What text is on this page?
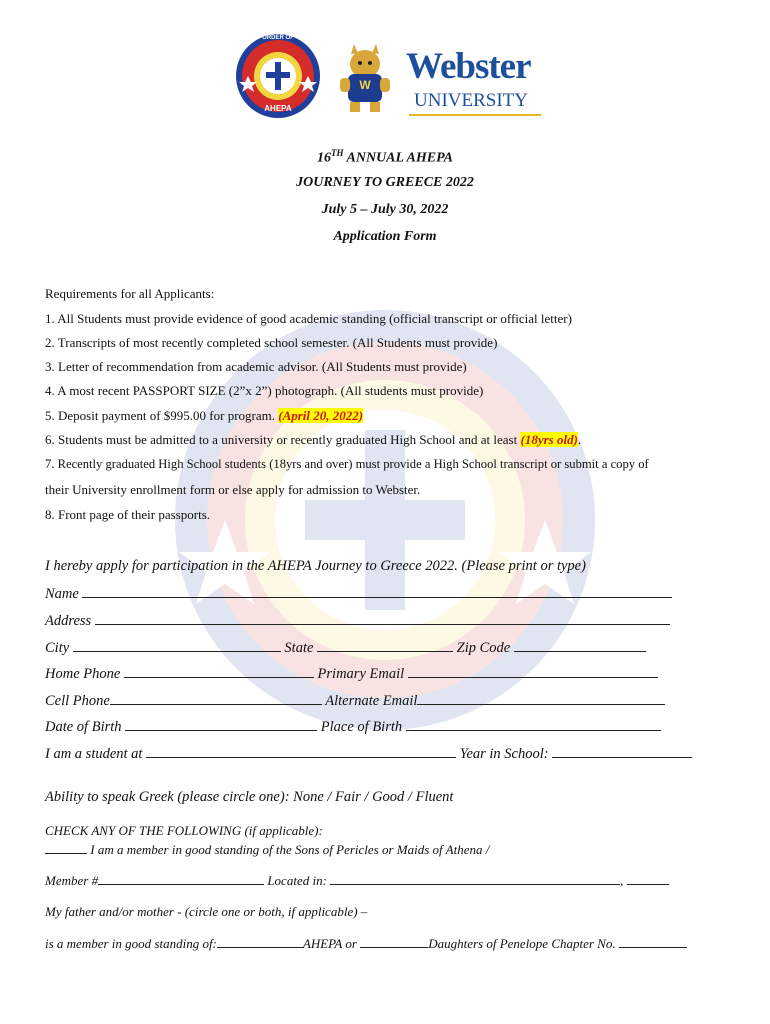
ORDER OF
AHEPA
W Webster
UNIVERSITY
16TH ANNUAL AHEPA
JOURNEY TO GREECE 2022
July 5 – July 30, 2022
Application Form
Requirements for all Applicants:
1. All Students must provide evidence of good academic standing (official transcript or official letter)
2. Transcripts of most recently completed school semester. (All Students must provide)
3. Letter of recommendation from academic advisor. (All Students must provide)
4. A most recent PASSPORT SIZE (2”x 2”) photograph. (All students must provide)
5. Deposit payment of $995.00 for program. (April 20, 2022)
6. Students must be admitted to a university or recently graduated High School and at least (18yrs old).
7. Recently graduated High School students (18yrs and over) must provide a High School transcript or submit a copy of
their University enrollment form or else apply for admission to Webster.
8. Front page of their passports.
I hereby apply for participation in the AHEPA Journey to Greece 2022. (Please print or type)
Name
Address
City	State	Zip Code
Home Phone	Primary Email
Cell Phone	Alternate Email
Date of Birth	Place of Birth
I am a student at	Year in School:
Ability to speak Greek (please circle one): None / Fair / Good / Fluent
CHECK ANY OF THE FOLLOWING (if applicable):
I am a member in good standing of the Sons of Pericles or Maids of Athena /
Member #	Located in:	,
My father and/or mother - (circle one or both, if applicable) –
is a member in good standing of:	AHEPA or	Daughters of Penelope Chapter No.
